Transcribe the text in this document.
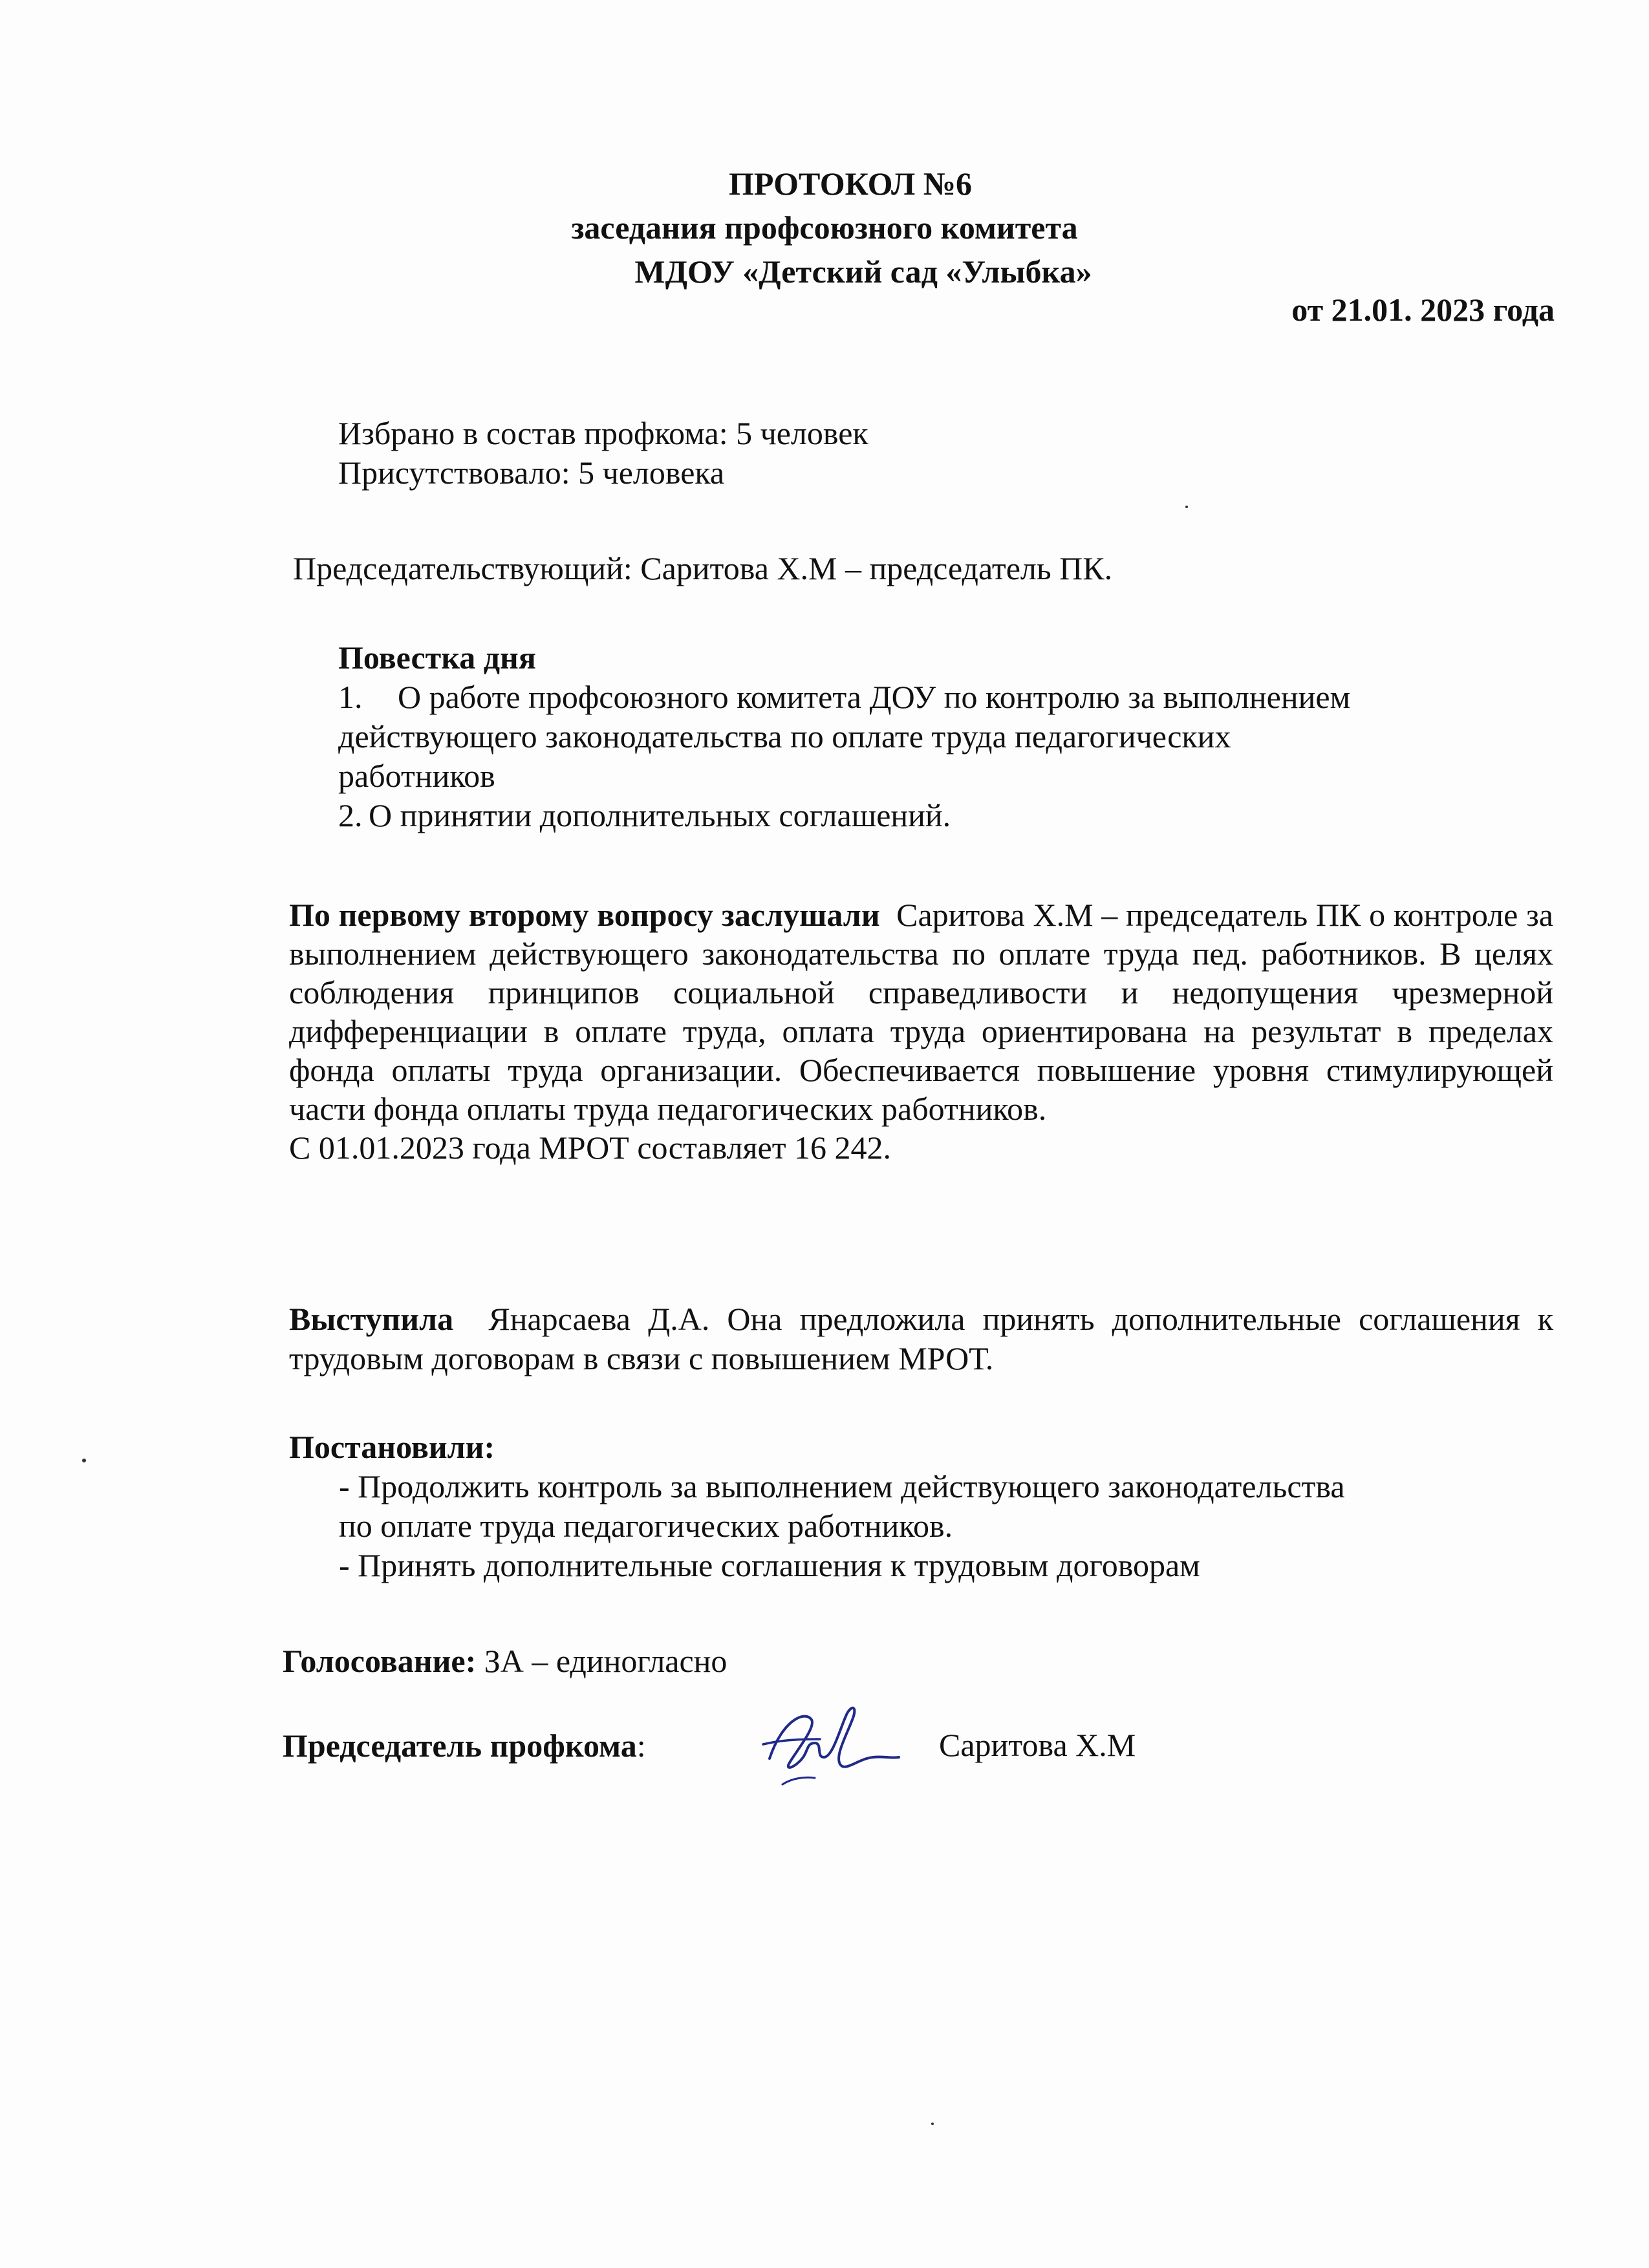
ПРОТОКОЛ №6
заседания профсоюзного комитета
МДОУ «Детский сад «Улыбка»
от 21.01. 2023 года
Избрано в состав профкома: 5 человек
Присутствовало: 5 человека
Председательствующий: Саритова Х.М – председатель ПК.
Повестка дня
1. О работе профсоюзного комитета ДОУ по контролю за выполнением
действующего законодательства по оплате труда педагогических
работников
2. О принятии дополнительных соглашений.
По первому второму вопросу заслушали Саритова Х.М – председатель ПК о контроле за выполнением действующего законодательства по оплате труда пед. работников. В целях соблюдения принципов социальной справедливости и недопущения чрезмерной дифференциации в оплате труда, оплата труда ориентирована на результат в пределах фонда оплаты труда организации. Обеспечивается повышение уровня стимулирующей части фонда оплаты труда педагогических работников.
С 01.01.2023 года МРОТ составляет 16 242.
Выступила Янарсаева Д.А. Она предложила принять дополнительные соглашения к трудовым договорам в связи с повышением МРОТ.
Постановили:
- Продолжить контроль за выполнением действующего законодательства
по оплате труда педагогических работников.
- Принять дополнительные соглашения к трудовым договорам
Голосование: ЗА – единогласно
Председатель профкома:	Саритова Х.М
